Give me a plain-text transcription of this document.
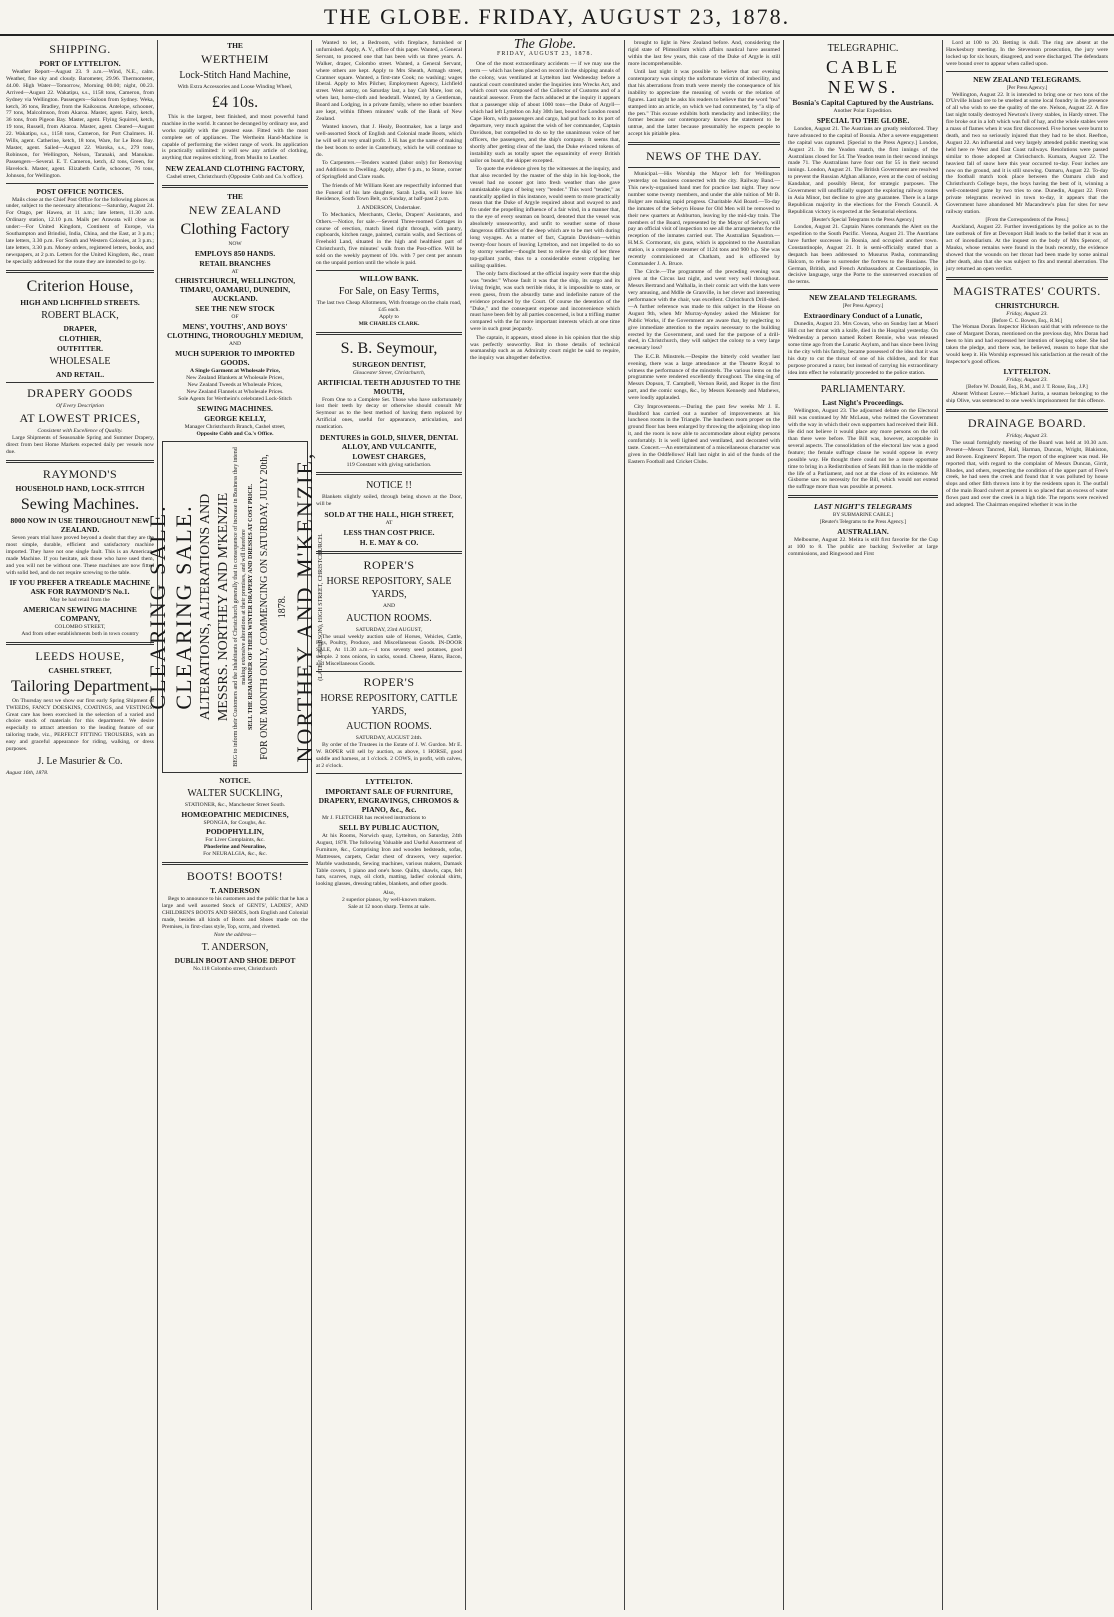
THE GLOBE. FRIDAY, AUGUST 23, 1878.
SHIPPING.
PORT OF LYTTELTON.

Weather Report—August 23. 9 a.m.—Wind, N.E., calm. Weather, fine sky and cloudy. Barometer, 29.96. Thermometer, 44.00. High Water—Tomorrow, Morning 00.00; night, 00.23. Arrived—August 22. Wakatipu, s.s., 1158 tons, Cameron, from Sydney via Wellington. Passengers—Saloon from Sydney. Weka, ketch, 36 tons, Bradley, from the Kaikouras. Antelope, schooner, 77 tons, Malcolmson, from Akaroa. Master, agent. Fairy, ketch, 36 tons, from Pigeon Bay. Master, agent. Flying Squirrel, ketch, 19 tons, Russell, from Akaroa. Master, agent. Cleared—August 22. Wakatipu, s.s., 1158 tons, Cameron, for Port Chalmers. H. Wills, agent. Catherine, ketch, 18 tons, Ware, for Le Bons Bay. Master, agent. Sailed—August 22. Waroka, s.s., 279 tons, Robinson, for Wellington, Nelson, Taranaki, and Manukau. Passengers—Several. E. T. Cameron, ketch, 42 tons, Green, for Havelock. Master, agent. Elizabeth Curle, schooner, 76 tons, Johnson, for Wellington.

POST OFFICE NOTICES.

Mails close at the Chief Post Office for the following places as under, subject to the necessary alterations:—Saturday, August 24. For Otago, per Hawea, at 11 a.m.; late letters, 11.30 a.m. Ordinary station, 12.10 p.m. Mails per Arawata will close as under:—For United Kingdom, Continent of Europe, via Southampton and Brindisi, India, China, and the East, at 3 p.m.; late letters, 3.30 p.m. For South and Western Colonies, at 3 p.m.; late letters, 3.30 p.m. Money orders, registered letters, books, and newspapers, at 2 p.m. Letters for the United Kingdom, &c., must be specially addressed for the route they are intended to go by.

Criterion House,
HIGH AND LICHFIELD STREETS.
ROBERT BLACK,
DRAPER,
CLOTHIER,
OUTFITTER.
WHOLESALE
AND RETAIL.
DRAPERY GOODS
Of Every Description
AT LOWEST PRICES,
Consistent with Excellence of Quality.

Large Shipments of Seasonable Spring and Summer Drapery, direct from best Home Markets expected daily per vessels now due.

RAYMOND'S
HOUSEHOLD HAND, LOCK-STITCH
Sewing Machines.
8000 NOW IN USE THROUGHOUT NEW ZEALAND.

Seven years trial have proved beyond a doubt that they are the most simple, durable, efficient and satisfactory machine imported. They have not one single fault. This is an American-made Machine. If you hesitate, ask those who have used them, and you will not be without one. These machines are now fitted with solid bed, and do not require screwing to the table.

IF YOU PREFER A TREADLE MACHINE ASK FOR RAYMOND'S No.1.
May be had retail from the
AMERICAN SEWING MACHINE COMPANY,
COLOMBO STREET,
And from other establishments both in town country
LEEDS HOUSE,
CASHEL STREET,
Tailoring Department

On Thursday next we show our first early Spring Shipment of TWEEDS, FANCY DOESKINS, COATINGS, and VESTINGS. Great care has been exercised in the selection of a varied and choice stock of materials for this department. We desire especially to attract attention to the leading feature of our tailoring trade, viz., PERFECT FITTING TROUSERS, with an easy and graceful appearance for riding, walking, or dress purposes.

J. Le Masurier & Co.
August 16th, 1878.
THE
WERTHEIM
Lock-Stitch Hand Machine,
With Extra Accessories and Loose Winding Wheel,
£4 10s.

This is the largest, best finished, and most powerful hand machine in the world. It cannot be deranged by ordinary use, and works rapidly with the greatest ease. Fitted with the most complete set of appliances. The Wertheim Hand-Machine is capable of performing the widest range of work. Its application is practically unlimited: it will sew any article of clothing, anything that requires stitching, from Muslin to Leather.

NEW ZEALAND CLOTHING FACTORY,
Cashel street, Christchurch (Opposite Cobb and Co.'s office).
THE
NEW ZEALAND
Clothing Factory
NOW
EMPLOYS 850 HANDS.
RETAIL BRANCHES
AT
CHRISTCHURCH, WELLINGTON, TIMARU, OAMARU, DUNEDIN, AUCKLAND.
SEE THE NEW STOCK
OF
MENS', YOUTHS', AND BOYS' CLOTHING, THOROUGHLY MEDIUM,
AND
MUCH SUPERIOR TO IMPORTED GOODS.
A Single Garment at Wholesale Price,
New Zealand Blankets at Wholesale Prices,
New Zealand Tweeds at Wholesale Prices,
New Zealand Flannels at Wholesale Prices.
Sole Agents for Wertheim's celebrated Lock-Stitch
SEWING MACHINES.
GEORGE KELLY,
Manager Christchurch Branch, Cashel street,
Opposite Cobb and Co.'s Office.
CLEARING SALE. CLEARING SALE. ALTERATIONS, ALTERATIONS AND MESSRS. NORTHEY AND M'KENZIE BEG to inform their Customers and the Inhabitants of Christchurch generally that in consequence of increase in Business they intend making extensive alterations at their premises, and will therefore SELL THE REMAINDER OF THEIR WINTER DRAPERY AND DRESSES AT COST PRICE. FOR ONE MONTH ONLY, COMMENCING ON SATURDAY, JULY 20th, 1878. NORTHEY AND M'KENZIE, (LATE J. GRIERSON), HIGH STREET, CHRISTCHURCH.
NOTICE.
WALTER SUCKLING,
STATIONER, &c., Manchester Street South.
HOMŒOPATHIC MEDICINES,
SPONGIA, for Coughs, &c.
PODOPHYLLIN,
For Liver Complaints, &c.
Phosferine and Neuraline,
For NEURALGIA, &c., &c.
BOOTS! BOOTS!
T. ANDERSON

Begs to announce to his customers and the public that he has a large and well assorted Stock of GENTS', LADIES', AND CHILDREN'S BOOTS AND SHOES, both English and Colonial made, besides all kinds of Boots and Shoes made on the Premises, in first-class style, Top, scrm, and rivetted.

Note the address—
T. ANDERSON,
DUBLIN BOOT AND SHOE DEPOT
No.118 Colombo street, Christchurch

Wanted to let, a Bedroom, with fireplace, furnished or unfurnished. Apply, A. V., office of this paper. Wanted, a General Servant, to proceed one that has been with us three years. A. Walker, draper, Colombo street. Wanted, a General Servant, where others are kept. Apply to Mrs Sheath, Armagh street, Cramner square. Wanted, a first-rate Cook; no washing; wages liberal. Apply to Mrs Pilcher, Employment Agency, Lichfield street. Went astray, on Saturday last, a bay Cob Mare, lost on, when last, horse-cloth and headstall. Wanted, by a Gentleman, Board and Lodging, in a private family, where no other boarders are kept, within fifteen minutes' walk of the Bank of New Zealand.

Wanted known, that J. Healy, Bootmaker, has a large and well-assorted Stock of English and Colonial made Boots, which he will sell at very small profit. J. H. has got the name of making the best boots to order in Canterbury, which he will continue to do.

To Carpenters.—Tenders wanted (labor only) for Removing and Additions to Dwelling. Apply, after 6 p.m., to Stone, corner of Springfield and Clare roads.

The friends of Mr William Kent are respectfully informed that the Funeral of his late daughter, Sarah Lydia, will leave his Residence, South Town Belt, on Sunday, at half-past 2 p.m.

J. ANDERSON, Undertaker.

To Mechanics, Merchants, Clerks, Drapers' Assistants, and Others.—Notice, for sale.—Several Three-roomed Cottages in course of erection, match lined right through, with pantry, cupboards, kitchen range, painted, curtain walls, and Sections of Freehold Land, situated in the high and healthiest part of Christchurch, five minutes' walk from the Post-office. Will be sold on the weekly payment of 10s. with 7 per cent per annum on the unpaid portion until the whole is paid.

WILLOW BANK.
For Sale, on Easy Terms,
The last two Cheap Allotments, With frontage on the chain road, £45 each.
Apply to
MR CHARLES CLARK.
S. B. Seymour,
SURGEON DENTIST,
Gloucester Street, Christchurch,
ARTIFICIAL TEETH ADJUSTED TO THE MOUTH,

From One to a Complete Set. Those who have unfortunately lost their teeth by decay or otherwise should consult Mr Seymour as to the best method of having them replaced by Artificial ones, useful for appearance, articulation, and mastication.

DENTURES in GOLD, SILVER, DENTAL ALLOY, AND VULCANITE,
LOWEST CHARGES,
119 Constant with giving satisfaction.
NOTICE !!

Blankets slightly soiled, through being shown at the Door, will be

SOLD AT THE HALL, HIGH STREET,
AT
LESS THAN COST PRICE.
H. E. MAY & CO.
ROPER'S
HORSE REPOSITORY, SALE YARDS,
AND
AUCTION ROOMS.
SATURDAY, 23rd AUGUST,

The usual weekly auction sale of Horses, Vehicles, Cattle, Pigs, Poultry, Produce, and Miscellaneous Goods. IN-DOOR SALE, At 11.30 a.m.—4 tons seventy seed potatoes, good sample. 2 tons onions, in sacks, sound. Cheese, Hams, Bacon, and Miscellaneous Goods.

ROPER'S
HORSE REPOSITORY, CATTLE YARDS,
AUCTION ROOMS.
SATURDAY, AUGUST 24th.

By order of the Trustees in the Estate of J. W. Gurdon. Mr E. W. ROPER will sell by auction, as above, 1 HORSE, good saddle and harness, at 1 o'clock. 2 COWS, in profit, with calves, at 2 o'clock.

LYTTELTON.
IMPORTANT SALE OF FURNITURE, DRAPERY, ENGRAVINGS, CHROMOS & PIANO, &c., &c.

Mr J. FLETCHER has received instructions to

SELL BY PUBLIC AUCTION,

At his Rooms, Norwich quay, Lyttelton, on Saturday, 24th August, 1878. The following Valuable and Useful Assortment of Furniture, &c., Comprising Iron and wooden bedsteads, sofas, Mattresses, carpets, Cedar chest of drawers, very superior. Marble washstands, Sewing machines, various makers, Damask Table covers, 1 piano and one's hose. Quilts, shawls, caps, felt hats, scarves, rugs, oil cloth, matting, ladies' colonial shirts, looking glasses, dressing tables, blankets, and other goods.

Also,
2 superior pianos, by well-known makers.
Sale at 12 noon sharp. Terms at sale.
The Globe.
FRIDAY, AUGUST 23, 1878.

One of the most extraordinary accidents — if we may use the term — which has been placed on record in the shipping annals of the colony, was ventilated at Lyttelton last Wednesday before a nautical court constituted under the Inquiries into Wrecks Act, and which court was composed of the Collector of Customs and of a nautical assessor. From the facts adduced at the inquiry it appears that a passenger ship of about 1000 tons—the Duke of Argyll—which had left Lyttelton on July 30th last, bound for London round Cape Horn, with passengers and cargo, had put back to its port of departure, very much against the wish of her commander, Captain Davidson, but compelled to do so by the unanimous voice of her officers, the passengers, and the ship's company. It seems that, shortly after getting clear of the land, the Duke evinced tokens of instability such as totally upset the equanimity of every British sailor on board, the skipper excepted.

To quote the evidence given by the witnesses at the inquiry, and that also recorded by the master of the ship in his log-book, the vessel had no sooner got into fresh weather than she gave unmistakable signs of being very "tender." This word "tender," as nautically applied in this instance, would seem to more practically mean that the Duke of Argyle required about and swayed to and fro under the propelling influence of a fair wind, in a manner that, to the eye of every seaman on board, denoted that the vessel was absolutely unseaworthy, and unfit to weather some of those dangerous difficulties of the deep which are to be met with during long voyages. As a matter of fact, Captain Davidson—within twenty-four hours of leaving Lyttelton, and not impelled to do so by stormy weather—thought best to relieve the ship of her three top-gallant yards, thus to a considerable extent crippling her sailing qualities.

The only facts disclosed at the official inquiry were that the ship was "tender." Whose fault it was that the ship, its cargo and its living freight, was such terrible risks, it is impossible to state, or even guess, from the absurdly tame and indefinite nature of the evidence produced by the Court. Of course the detention of the "Duke," and the consequent expense and inconvenience which must have been felt by all parties concerned, is but a trifling matter compared with the far more important interests which at one time were in such great jeopardy.

The captain, it appears, stood alone in his opinion that the ship was perfectly seaworthy. But in those details of technical seamanship such as an Admiralty court might be said to require, the inquiry was altogether defective.

brought to light in New Zealand before. And, considering the rigid state of Plimsollism which affairs nautical have assumed within the last few years, this case of the Duke of Argyle is still more incomprehensible.

Until last night it was possible to believe that our evening contemporary was simply the unfortunate victim of imbecility, and that his aberrations from truth were merely the consequence of his inability to appreciate the meaning of words or the relation of figures. Last night he asks his readers to believe that the word "tea" stamped into an article, on which we had commented, by "a slip of the pen." This excuse exhibits both mendacity and imbecility; the former because our contemporary knows the statement to be untrue, and the latter because presumably he expects people to accept his pitiable plea.

NEWS OF THE DAY.

Municipal.—His Worship the Mayor left for Wellington yesterday on business connected with the city. Railway Band.—This newly-organised band met for practice last night. They now number some twenty members, and under the able tuition of Mr B. Bulger are making rapid progress. Charitable Aid Board.—To-day the inmates of the Selwyn House for Old Men will be removed to their new quarters at Ashburton, leaving by the mid-day train. The members of the Board, represented by the Mayor of Selwyn, will pay an official visit of inspection to see all the arrangements for the reception of the inmates carried out. The Australian Squadron.—H.M.S. Cormorant, six guns, which is appointed to the Australian station, is a composite steamer of 1124 tons and 900 h.p. She was recently commissioned at Chatham, and is officered by Commander J. A. Bruce.

The Circle.—The programme of the preceding evening was given at the Circus last night, and went very well throughout. Messrs Bertrand and Walhalla, in their comic act with the hats were very amusing, and Mdlle de Granville, in her clever and interesting performance with the chair, was excellent. Christchurch Drill-shed.—A further reference was made to this subject in the House on August 9th, when Mr Murray-Aynsley asked the Minister for Public Works, if the Government are aware that, by neglecting to give immediate attention to the repairs necessary to the building erected by the Government, and used for the purpose of a drill-shed, in Christchurch, they will subject the colony to a very large necessary loss?

The E.C.B. Minstrels.—Despite the bitterly cold weather last evening, there was a large attendance at the Theatre Royal to witness the performance of the minstrels. The various items on the programme were rendered excellently throughout. The sing-ing of Messrs Dopson, T. Campbell, Vernon Reid, and Roper in the first part, and the comic songs, &c., by Messrs Kennedy and Mathews, were loudly applauded.

City Improvements.—During the past few weeks Mr J. E. Bushford has carried out a number of improvements at his luncheon rooms in the Triangle. The luncheon room proper on the ground floor has been enlarged by throwing the adjoining shop into it, and the room is now able to accommodate about eighty persons comfortably. It is well lighted and ventilated, and decorated with taste. Concert.—An entertainment of a miscellaneous character was given in the Oddfellows' Hall last night in aid of the funds of the Eastern Football and Cricket Clubs.

TELEGRAPHIC.
CABLE NEWS.
Bosnia's Capital Captured by the Austrians.
Another Polar Expedition.
SPECIAL TO THE GLOBE.

London, August 21. The Austrians are greatly reinforced. They have advanced to the capital of Bosnia. After a severe engagement the capital was captured. [Special to the Press Agency.] London, August 21. In the Yeadon match, the first innings of the Australians closed for 54. The Yeadon team in their second innings made 71. The Australians have four out for 55 in their second innings. London, August 21. The British Government are resolved to prevent the Russian Afghan alliance, even at the cost of seizing Kandahar, and possibly Herat, for strategic purposes. The Government will unofficially support the exploring railway routes in Asia Minor, but decline to give any guarantee. There is a large Republican majority in the elections for the French Council. A Republican victory is expected at the Senatorial elections.

[Reuter's Special Telegrams to the Press Agency.]

London, August 21. Captain Nares commands the Alert on the expedition to the South Pacific. Vienna, August 21. The Austrians have further successes in Bosnia, and occupied another town. Constantinople, August 21. It is semi-officially stated that a despatch has been addressed to Musurus Pasha, commanding Halcom, to refuse to surrender the fortress to the Russians. The German, British, and French Ambassadors at Constantinople, in decisive language, urge the Porte to the unreserved execution of the terms.

NEW ZEALAND TELEGRAMS.
[Per Press Agency.]
Extraordinary Conduct of a Lunatic,

Dunedin, August 23. Mrs Cowan, who on Sunday last at Maori Hill cut her throat with a knife, died in the Hospital yesterday. On Wednesday a person named Robert Rennie, who was released some time ago from the Lunatic Asylum, and has since been living in the city with his family, became possessed of the idea that it was his duty to cut the throat of one of his children, and for that purpose procured a razor, but instead of carrying his extraordinary idea into effect he voluntarily proceeded to the police station.

PARLIAMENTARY.
Last Night's Proceedings.

Wellington, August 23. The adjourned debate on the Electoral Bill was continued by Mr McLean, who twitted the Government with the way in which their own supporters had received their Bill. He did not believe it would place any more persons on the roll than there were before. The Bill was, however, acceptable in several aspects. The consolidation of the electoral law was a good feature; the female suffrage clause he would oppose in every possible way. He thought there could not be a more opportune time to bring in a Redistribution of Seats Bill than in the middle of the life of a Parliament, and not at the close of its existence. Mr Gisborne saw no necessity for the Bill, which would not extend the suffrage more than was possible at present.

LAST NIGHT'S TELEGRAMS
BY SUBMARINE CABLE.]
[Reuter's Telegrams to the Press Agency.]
AUSTRALIAN.

Melbourne, August 22. Melita is still first favorite for the Cup at 100 to 8. The public are backing Swiveller at large commissions, and Ringwood and First

Lord at 100 to 20. Betting is dull. The ring are absent at the Hawkesbury meeting. In the Stevenson prosecution, the jury were locked up for six hours, disagreed, and were discharged. The defendants were bound over to appear when called upon.

NEW ZEALAND TELEGRAMS.
[Per Press Agency.]

Wellington, August 22. It is intended to bring one or two tons of the D'Urville Island ore to be smelted at some local foundry in the presence of all who wish to see the quality of the ore. Nelson, August 22. A fire last night totally destroyed Newton's livery stables, in Hardy street. The fire broke out in a loft which was full of hay, and the whole stables were a mass of flames when it was first discovered. Five horses were burnt to death, and two so seriously injured that they had to be shot. Reefton, August 22. An influential and very largely attended public meeting was held here re West and East Coast railways. Resolutions were passed similar to those adopted at Christchurch. Kumara, August 22. The heaviest fall of snow here this year occurred to-day. Four inches are now on the ground, and it is still snowing. Oamaru, August 22. To-day the football match took place between the Oamaru club and Christchurch College boys, the boys having the best of it, winning a well-contested game by two tries to one. Dunedin, August 22. From private telegrams received in town to-day, it appears that the Government have abandoned Mr Macandrew's plan for sites for new railway station.

[From the Correspondents of the Press.]

Auckland, August 22. Further investigations by the police as to the late outbreak of fire at Devonport Hall leads to the belief that it was an act of incendiarism. At the inquest on the body of Mrs Spencer, of Mauku, whose remains were found in the bush recently, the evidence showed that the wounds on her throat had been made by some animal after death, also that she was subject to fits and mental aberration. The jury returned an open verdict.

MAGISTRATES' COURTS.
CHRISTCHURCH.
Friday, August 23.
[Before C. C. Bowen, Esq., R.M.]

The Woman Doran. Inspector Hickson said that with reference to the case of Margaret Doran, mentioned on the previous day, Mrs Doran had been to him and had expressed her intention of keeping sober. She had taken the pledge, and there was, he believed, reason to hope that she would keep it. His Worship expressed his satisfaction at the result of the Inspector's good offices.

LYTTELTON.
Friday, August 23.
[Before W. Donald, Esq., R.M., and J. T. Rouse, Esq., J.P.]

Absent Without Leave.—Michael Jurita, a seaman belonging to the ship Olive, was sentenced to one week's imprisonment for this offence.

DRAINAGE BOARD.
Friday, August 23.

The usual fortnightly meeting of the Board was held at 10.30 a.m. Present—Messrs Tancred, Hall, Harman, Duncan, Wright, Blakiston, and Bowen. Engineers' Report. The report of the engineer was read. He reported that, with regard to the complaint of Messrs Duncan, Girrit, Rhodes, and others, respecting the condition of the upper part of Free's creek, he had seen the creek and found that it was polluted by house slops and other filth thrown into it by the residents upon it. The outfall of the main Board culvert at present is so placed that an excess of water flows past and over the creek in a high tide. The reports were received and adopted. The Chairman enquired whether it was in the
